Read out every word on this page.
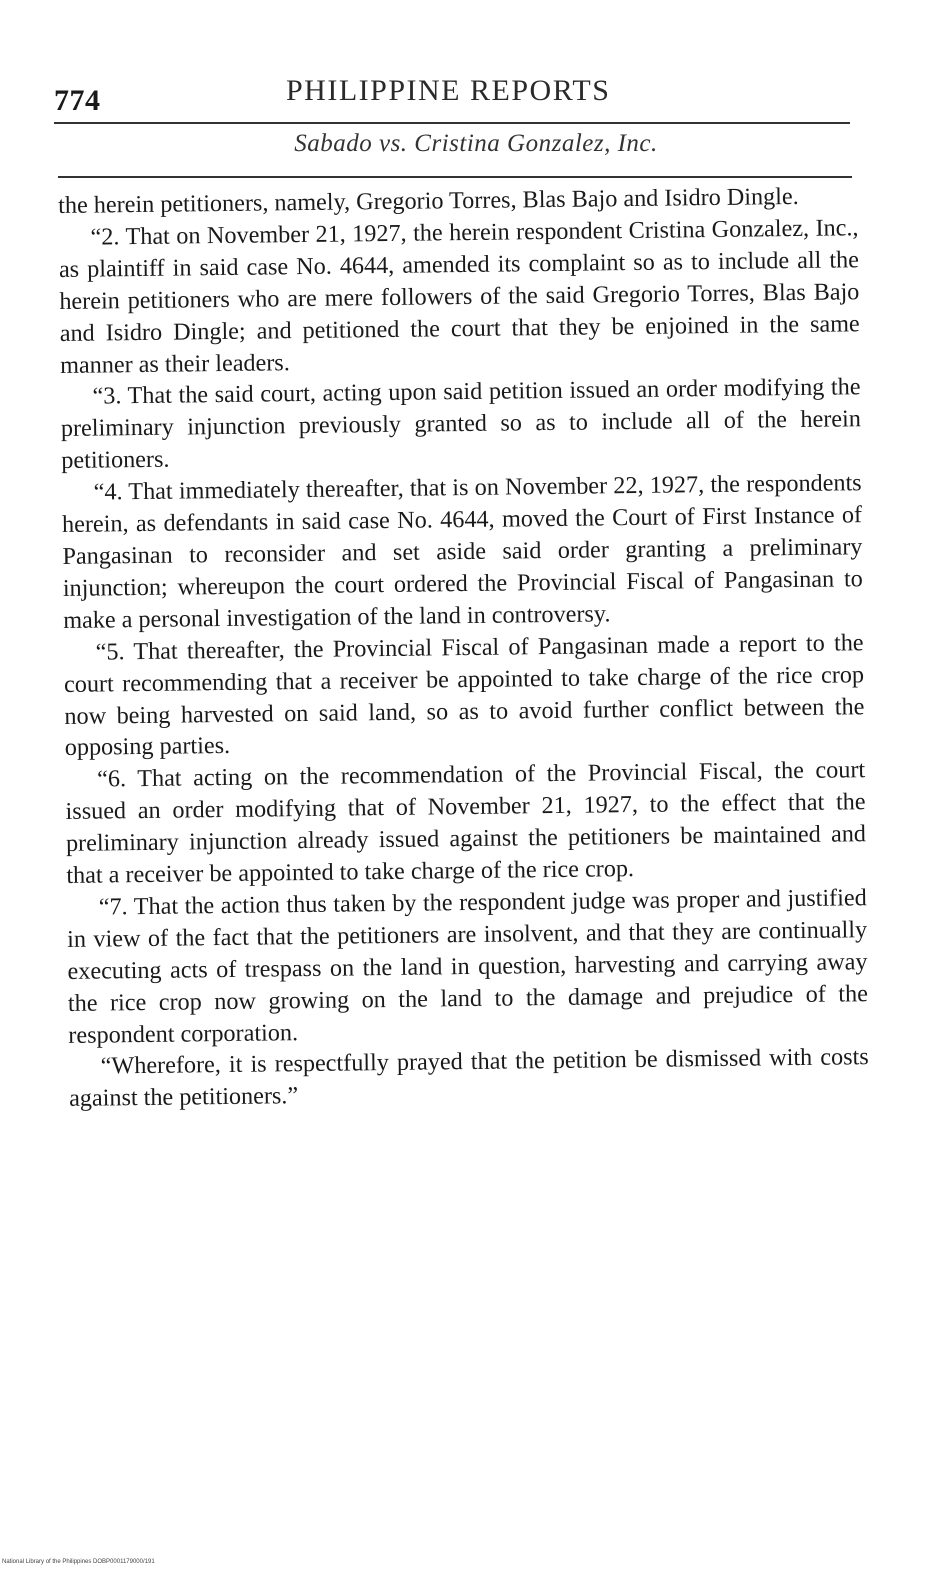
774	PHILIPPINE REPORTS
Sabado vs. Cristina Gonzalez, Inc.

the herein petitioners, namely, Gregorio Torres, Blas Bajo and Isidro Dingle.

“2. That on November 21, 1927, the herein respondent Cristina Gonzalez, Inc., as plaintiff in said case No. 4644, amended its complaint so as to include all the herein petitioners who are mere followers of the said Gregorio Torres, Blas Bajo and Isidro Dingle; and petitioned the court that they be enjoined in the same manner as their leaders.

“3. That the said court, acting upon said petition issued an order modifying the preliminary injunction previously granted so as to include all of the herein petitioners.

“4. That immediately thereafter, that is on November 22, 1927, the respondents herein, as defendants in said case No. 4644, moved the Court of First Instance of Pangasinan to reconsider and set aside said order granting a preliminary injunction; whereupon the court ordered the Provincial Fiscal of Pangasinan to make a personal investigation of the land in controversy.

“5. That thereafter, the Provincial Fiscal of Pangasinan made a report to the court recommending that a receiver be appointed to take charge of the rice crop now being harvested on said land, so as to avoid further conflict between the opposing parties.

“6. That acting on the recommendation of the Provincial Fiscal, the court issued an order modifying that of November 21, 1927, to the effect that the preliminary injunction already issued against the petitioners be maintained and that a receiver be appointed to take charge of the rice crop.

“7. That the action thus taken by the respondent judge was proper and justified in view of the fact that the petitioners are insolvent, and that they are continually executing acts of trespass on the land in question, harvesting and carrying away the rice crop now growing on the land to the damage and prejudice of the respondent corporation.

“Wherefore, it is respectfully prayed that the petition be dismissed with costs against the petitioners.”

National Library of the Philippines DOBP0001179000/191
